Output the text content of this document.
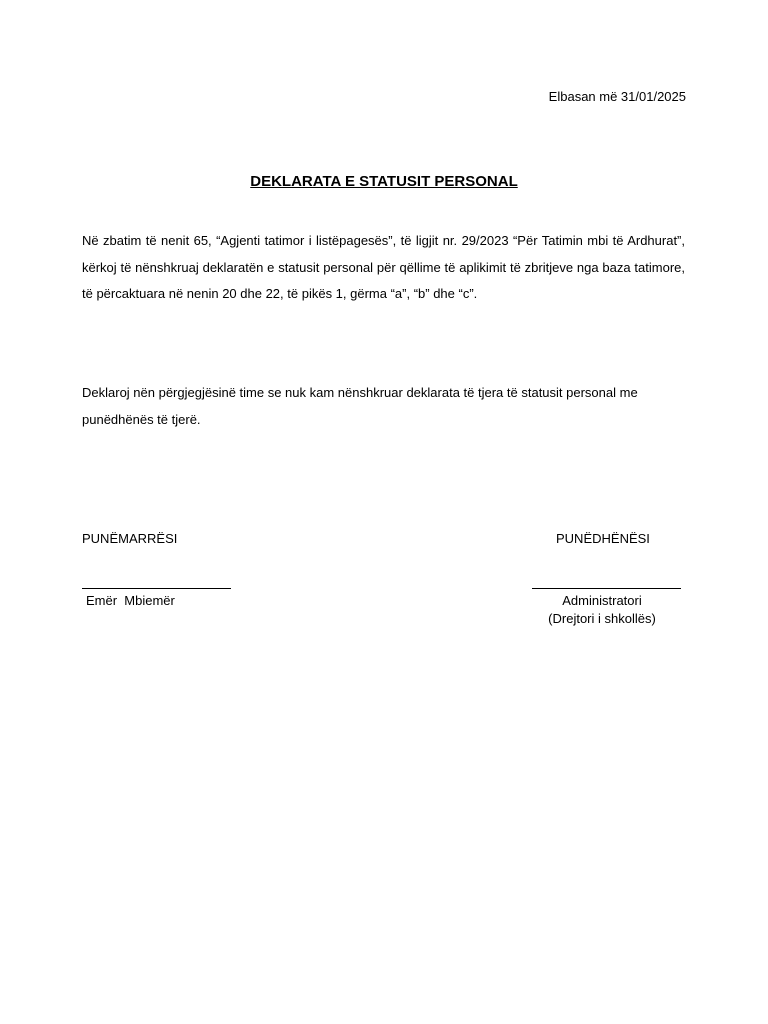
Elbasan më 31/01/2025
DEKLARATA E STATUSIT PERSONAL

Në zbatim të nenit 65, “Agjenti tatimor i listëpagesës”, të ligjit nr. 29/2023 “Për Tatimin mbi të Ardhurat”, kërkoj të nënshkruaj deklaratën e statusit personal për qëllime të aplikimit të zbritjeve nga baza tatimore, të përcaktuara në nenin 20 dhe 22, të pikës 1, gërma “a”, “b” dhe “c”.

Deklaroj nën përgjegjësinë time se nuk kam nënshkruar deklarata të tjera të statusit personal me punëdhënës të tjerë.

PUNËMARRËSI
Emër  Mbiemër
PUNËDHËNËSI
Administratori
(Drejtori i shkollës)
